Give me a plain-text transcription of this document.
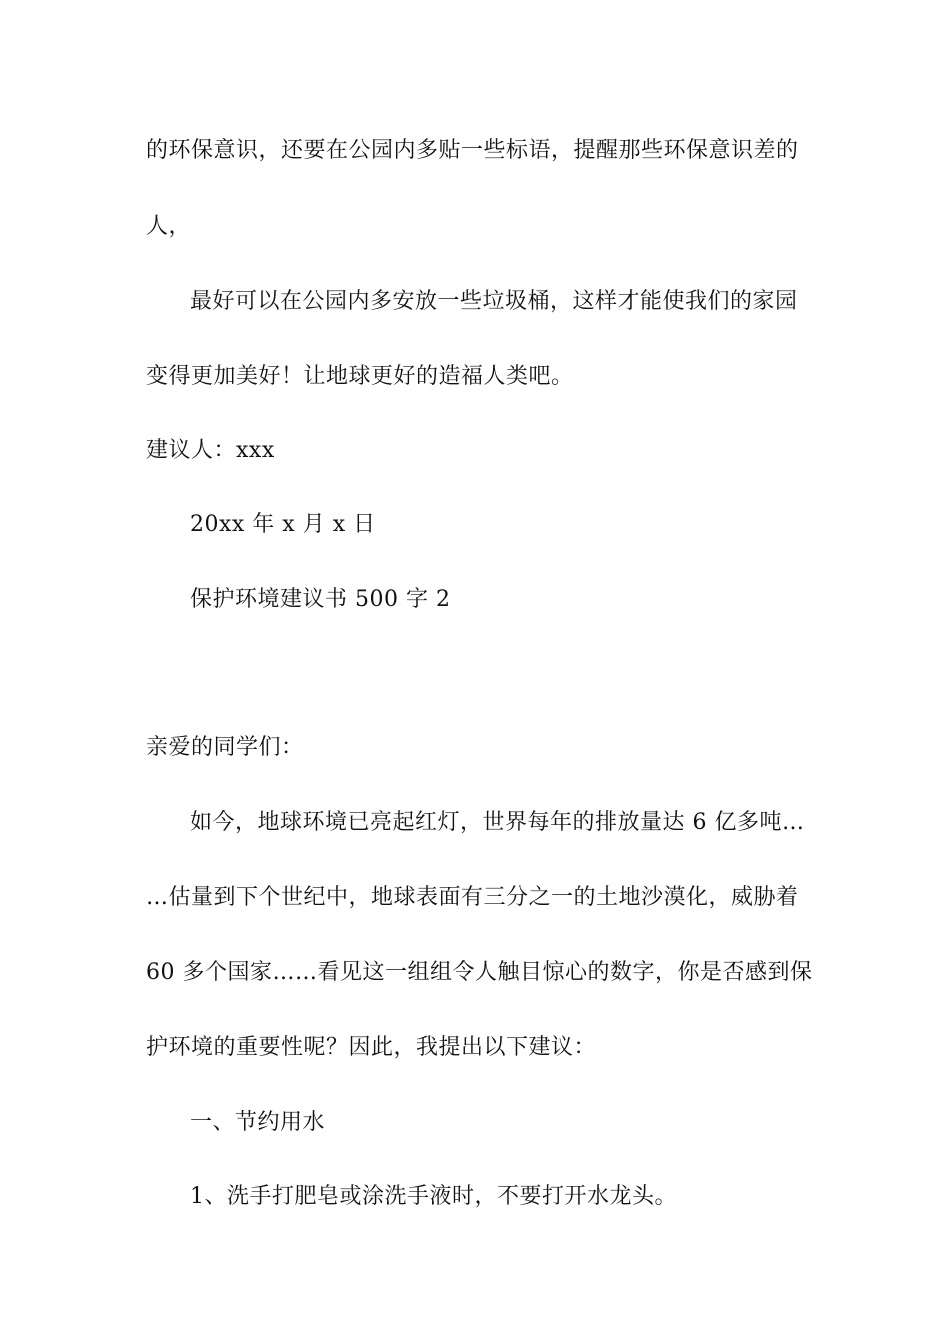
的环保意识，还要在公园内多贴一些标语，提醒那些环保意识差的
人，
最好可以在公园内多安放一些垃圾桶，这样才能使我们的家园
变得更加美好！让地球更好的造福人类吧。
建议人：xxx
20xx 年 x 月 x 日
保护环境建议书 500 字 2
亲爱的同学们：
如今，地球环境已亮起红灯，世界每年的排放量达 6 亿多吨…
…估量到下个世纪中，地球表面有三分之一的土地沙漠化，威胁着
60 多个国家……看见这一组组令人触目惊心的数字，你是否感到保
护环境的重要性呢？因此，我提出以下建议：
一、节约用水
1、洗手打肥皂或涂洗手液时，不要打开水龙头。
